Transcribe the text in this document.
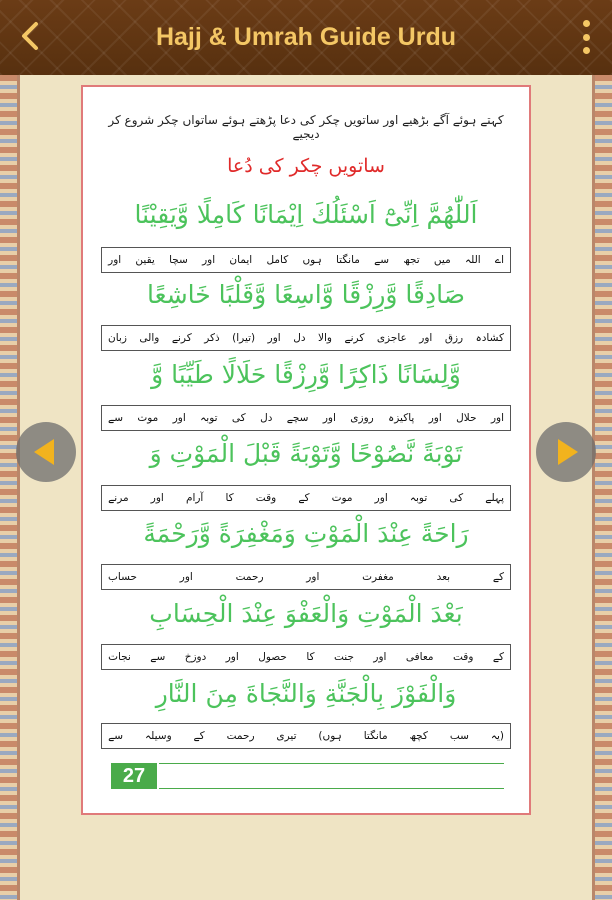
Hajj & Umrah Guide Urdu
کہتے ہوئے آگے بڑھیے اور ساتویں چکر کی دعا پڑھتے ہوئے ساتواں چکر شروع کر دیجیے
ساتویں چکر کی دُعا
اَللّٰهُمَّ اِنِّیْٓ اَسْئَلُكَ اِيْمَانًا كَامِلًا وَّيَقِيْنًا
اے
اللہ
میں
تجھ
سے
مانگتا
ہوں
کامل
ایمان
اور
سچا
یقین
اور
صَادِقًا وَّرِزْقًا وَّاسِعًا وَّقَلْبًا خَاشِعًا
کشادہ
رزق
اور
عاجزی
کرنے
والا
دل
اور
(تیرا)
ذکر
کرنے
والی
زبان
وَّلِسَانًا ذَاكِرًا وَّرِزْقًا حَلَالًا طَيِّبًا وَّ
اور
حلال
اور
پاکیزہ
روزی
اور
سچے
دل
کی
توبہ
اور
موت
سے
تَوْبَةً نَّصُوْحًا وَّتَوْبَةً قَبْلَ الْمَوْتِ وَ
پہلے
کی
توبہ
اور
موت
کے
وقت
کا
آرام
اور
مرنے
رَاحَةً عِنْدَ الْمَوْتِ وَمَغْفِرَةً وَّرَحْمَةً
کے
بعد
مغفرت
اور
رحمت
اور
حساب
بَعْدَ الْمَوْتِ وَالْعَفْوَ عِنْدَ الْحِسَابِ
کے
وقت
معافی
اور
جنت
کا
حصول
اور
دوزخ
سے
نجات
وَالْفَوْزَ بِالْجَنَّةِ وَالنَّجَاةَ مِنَ النَّارِ
(یہ
سب
کچھ
مانگتا
ہوں)
تیری
رحمت
کے
وسیلہ
سے
27
